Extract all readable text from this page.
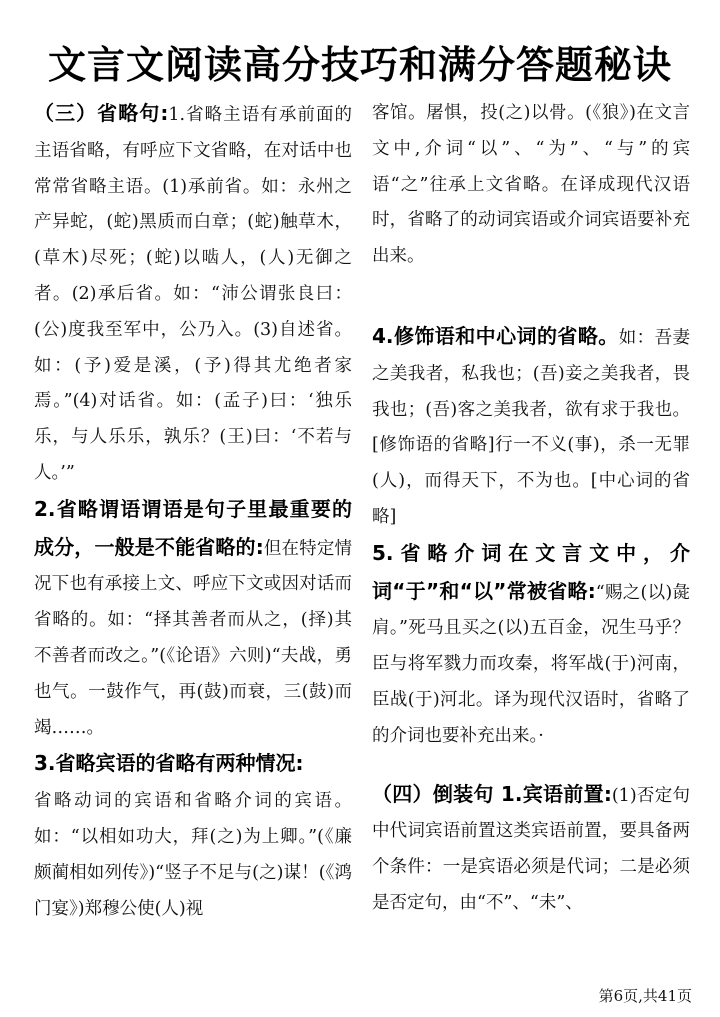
文言文阅读高分技巧和满分答题秘诀

（三）省略句:1.省略主语有承前面的主语省略，有呼应下文省略，在对话中也常常省略主语。(1)承前省。如：永州之产异蛇，(蛇)黑质而白章；(蛇)触草木，(草木)尽死；(蛇)以啮人，(人)无御之者。(2)承后省。如：“沛公谓张良曰：(公)度我至军中，公乃入。(3)自述省。如：(予)爱是溪，(予)得其尤绝者家焉。”(4)对话省。如：(孟子)曰：‘独乐乐，与人乐乐，孰乐？(王)曰：‘不若与人。’”

2.省略谓语谓语是句子里最重要的成分，一般是不能省略的:但在特定情况下也有承接上文、呼应下文或因对话而省略的。如：“择其善者而从之，(择)其不善者而改之。”(《论语》六则)“夫战，勇也气。一鼓作气，再(鼓)而衰，三(鼓)而竭……。

3.省略宾语的省略有两种情况:

省略动词的宾语和省略介词的宾语。如：“以相如功大，拜(之)为上卿。”(《廉颇蔺相如列传》)“竖子不足与(之)谋！(《鸿门宴》)郑穆公使(人)视

客馆。屠惧，投(之)以骨。(《狼》)在文言文中,介词“以”、“为”、“与”的宾语“之”往承上文省略。在译成现代汉语时，省略了的动词宾语或介词宾语要补充出来。

4.修饰语和中心词的省略。如：吾妻之美我者，私我也；(吾)妾之美我者，畏我也；(吾)客之美我者，欲有求于我也。[修饰语的省略]行一不义(事)，杀一无罪(人)，而得天下，不为也。[中心词的省略]

5.省略介词在文言文中，介词“于”和“以”常被省略:“赐之(以)彘肩。”死马且买之(以)五百金，况生马乎？臣与将军戮力而攻秦，将军战(于)河南，臣战(于)河北。译为现代汉语时，省略了的介词也要补充出来。·

（四）倒装句 1.宾语前置:(1)否定句中代词宾语前置这类宾语前置，要具备两个条件：一是宾语必须是代词；二是必须是否定句，由“不”、“未”、

第6页,共41页
